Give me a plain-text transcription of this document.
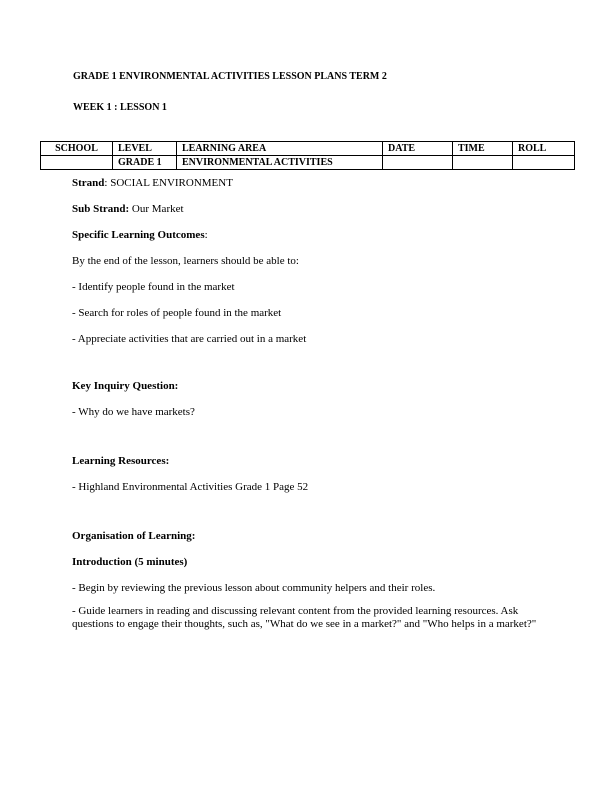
GRADE 1 ENVIRONMENTAL ACTIVITIES LESSON PLANS TERM 2

WEEK 1 : LESSON 1

SCHOOL	LEVEL	LEARNING AREA	DATE	TIME	ROLL
	GRADE 1	ENVIRONMENTAL ACTIVITIES			

Strand: SOCIAL ENVIRONMENT

Sub Strand: Our Market

Specific Learning Outcomes:

By the end of the lesson, learners should be able to:

- Identify people found in the market

- Search for roles of people found in the market

- Appreciate activities that are carried out in a market

Key Inquiry Question:

- Why do we have markets?

Learning Resources:

- Highland Environmental Activities Grade 1 Page 52

Organisation of Learning:

Introduction (5 minutes)

- Begin by reviewing the previous lesson about community helpers and their roles.

- Guide learners in reading and discussing relevant content from the provided learning resources. Ask questions to engage their thoughts, such as, "What do we see in a market?" and "Who helps in a market?"
